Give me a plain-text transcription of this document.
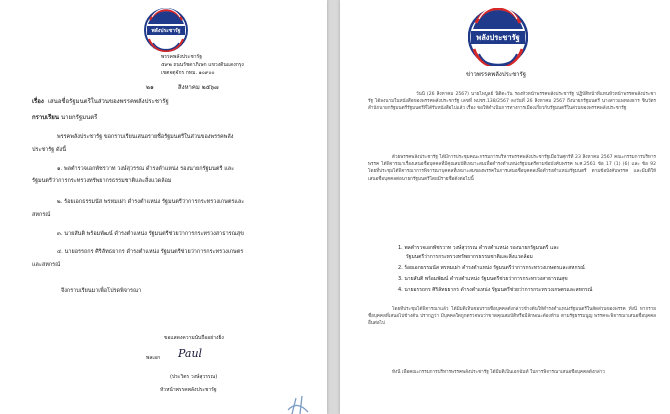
พลังประชารัฐ
พรรคพลังประชารัฐ
๕๙๒ ถนนรัชดาภิเษก แขวงดินแดงกรุง
เขตจตุจักร กทม. ๑๐๙๐๐
๒๑	สิงหาคม ๒๕๖๗
เรื่อง เสนอชื่อรัฐมนตรีในส่วนของพรรคพลังประชารัฐ
กราบเรียน นายกรัฐมนตรี
พรรคพลังประชารัฐ ขอกราบเรียนเสนอรายชื่อรัฐมนตรีในส่วนของพรรคพลัง
ประชารัฐ ดังนี้
๑. พลตำรวจเอกพัชรวาท วงษ์สุวรรณ ดำรงตำแหน่ง รองนายกรัฐมนตรี และ
รัฐมนตรีว่าการกระทรวงทรัพยากรธรรมชาติและสิ่งแวดล้อม
๒. ร้อยเอกธรรมนัส พรหมเผ่า ดำรงตำแหน่ง รัฐมนตรีว่าการกระทรวงเกษตรและ
สหกรณ์
๓. นายสันติ พร้อมพัฒน์ ดำรงตำแหน่ง รัฐมนตรีช่วยว่าการกระทรวงสาธารณสุข
๔. นายอรรถกร ศิริลัทธยากร ดำรงตำแหน่ง รัฐมนตรีช่วยว่าการกระทรวงเกษตร
และสหกรณ์
จึงกราบเรียนมาเพื่อโปรดพิจารณา
ขอแสดงความนับถืออย่างยิ่ง
พลเอก Paul
(ประวิตร วงษ์สุวรรณ)
หัวหน้าพรรคพลังประชารัฐ
พลังประชารัฐ
ข่าวพรรคพลังประชารัฐ
วันนี้ (26 สิงหาคม 2567) นายไพบูลย์ นิติตะวัน รองหัวหน้าพรรคพลังประชารัฐ ปฏิบัติหน้าที่แทนหัวหน้าพรรคพลังประชารัฐ ได้ลงนามในหนังสือของพรรคพลังประชารัฐ เลขที่ พปชร.138/2567 ลงวันที่ 26 สิงหาคม 2567 ถึงนายกรัฐมนตรี นางสาวแพทองธาร ชินวัตร สำนักนายกรัฐมนตรีรัฐมนตรีที่ได้รับหนังสือไปแล้ว เรื่อง ขอให้ดำเนินการทางการเมืองเกี่ยวกับรัฐมนตรีในส่วนของพรรคพลังประชารัฐ
ด้วยพรรคพลังประชารัฐ ได้มีการประชุมคณะกรรมการบริหารพรรคพลังประชารัฐเมื่อวันศุกร์ที่ 23 สิงหาคม 2567 คณะกรรมการบริหารพรรค ได้พิจารณาเรื่องเสนอชื่อบุคคลที่มีคุณสมบัติเหมาะสมเพื่อดำรงตำแหน่งรัฐมนตรีตามข้อบังคับพรรค พ.ศ.2561 ข้อ 17 (1) (6) และ ข้อ 92 โดยที่ประชุมได้พิจารณาการพิจารณาบุคคลที่เหมาะสมของพรรคในการเสนอชื่อบุคคลเพื่อดำรงตำแหน่งรัฐมนตรี ตามข้อบังคับพรรค และมีมติให้เสนอชื่อบุคคลต่อนายกรัฐมนตรีโดยมีรายชื่อดังต่อไปนี้
1. พลตำรวจเอกพัชรวาท วงษ์สุวรรณ ดำรงตำแหน่ง รองนายกรัฐมนตรี และ
รัฐมนตรีว่าการกระทรวงทรัพยากรธรรมชาติและสิ่งแวดล้อม
2. ร้อยเอกธรรมนัส พรหมเผ่า ดำรงตำแหน่ง รัฐมนตรีว่าการกระทรวงเกษตรและสหกรณ์
3. นายสันติ พร้อมพัฒน์ ดำรงตำแหน่ง รัฐมนตรีช่วยว่าการกระทรวงสาธารณสุข
4. นายอรรถกร ศิริลัทธยากร ดำรงตำแหน่ง รัฐมนตรีช่วยว่าการกระทรวงเกษตรและสหกรณ์
โดยที่ประชุมได้พิจารณาแล้ว ได้มีมติเห็นชอบรายชื่อบุคคลดังกล่าวข้างต้นให้ดำรงตำแหน่งรัฐมนตรีในสัดส่วนของพรรค ทั้งนี้ หากรายชื่อบุคคลที่เสนอไปข้างต้น ปรากฏว่า มีบุคคลใดถูกตรวจพบว่าขาดคุณสมบัติหรือมีลักษณะต้องห้าม ตามรัฐธรรมนูญ พรรคจะพิจารณาเสนอชื่อบุคคลอื่นต่อไป
ทั้งนี้ เพื่อคณะกรรมการบริหารพรรคพลังประชารัฐ ได้มีมติเป็นเอกฉันท์ ในการพิจารณาเสนอชื่อบุคคลดังกล่าว
